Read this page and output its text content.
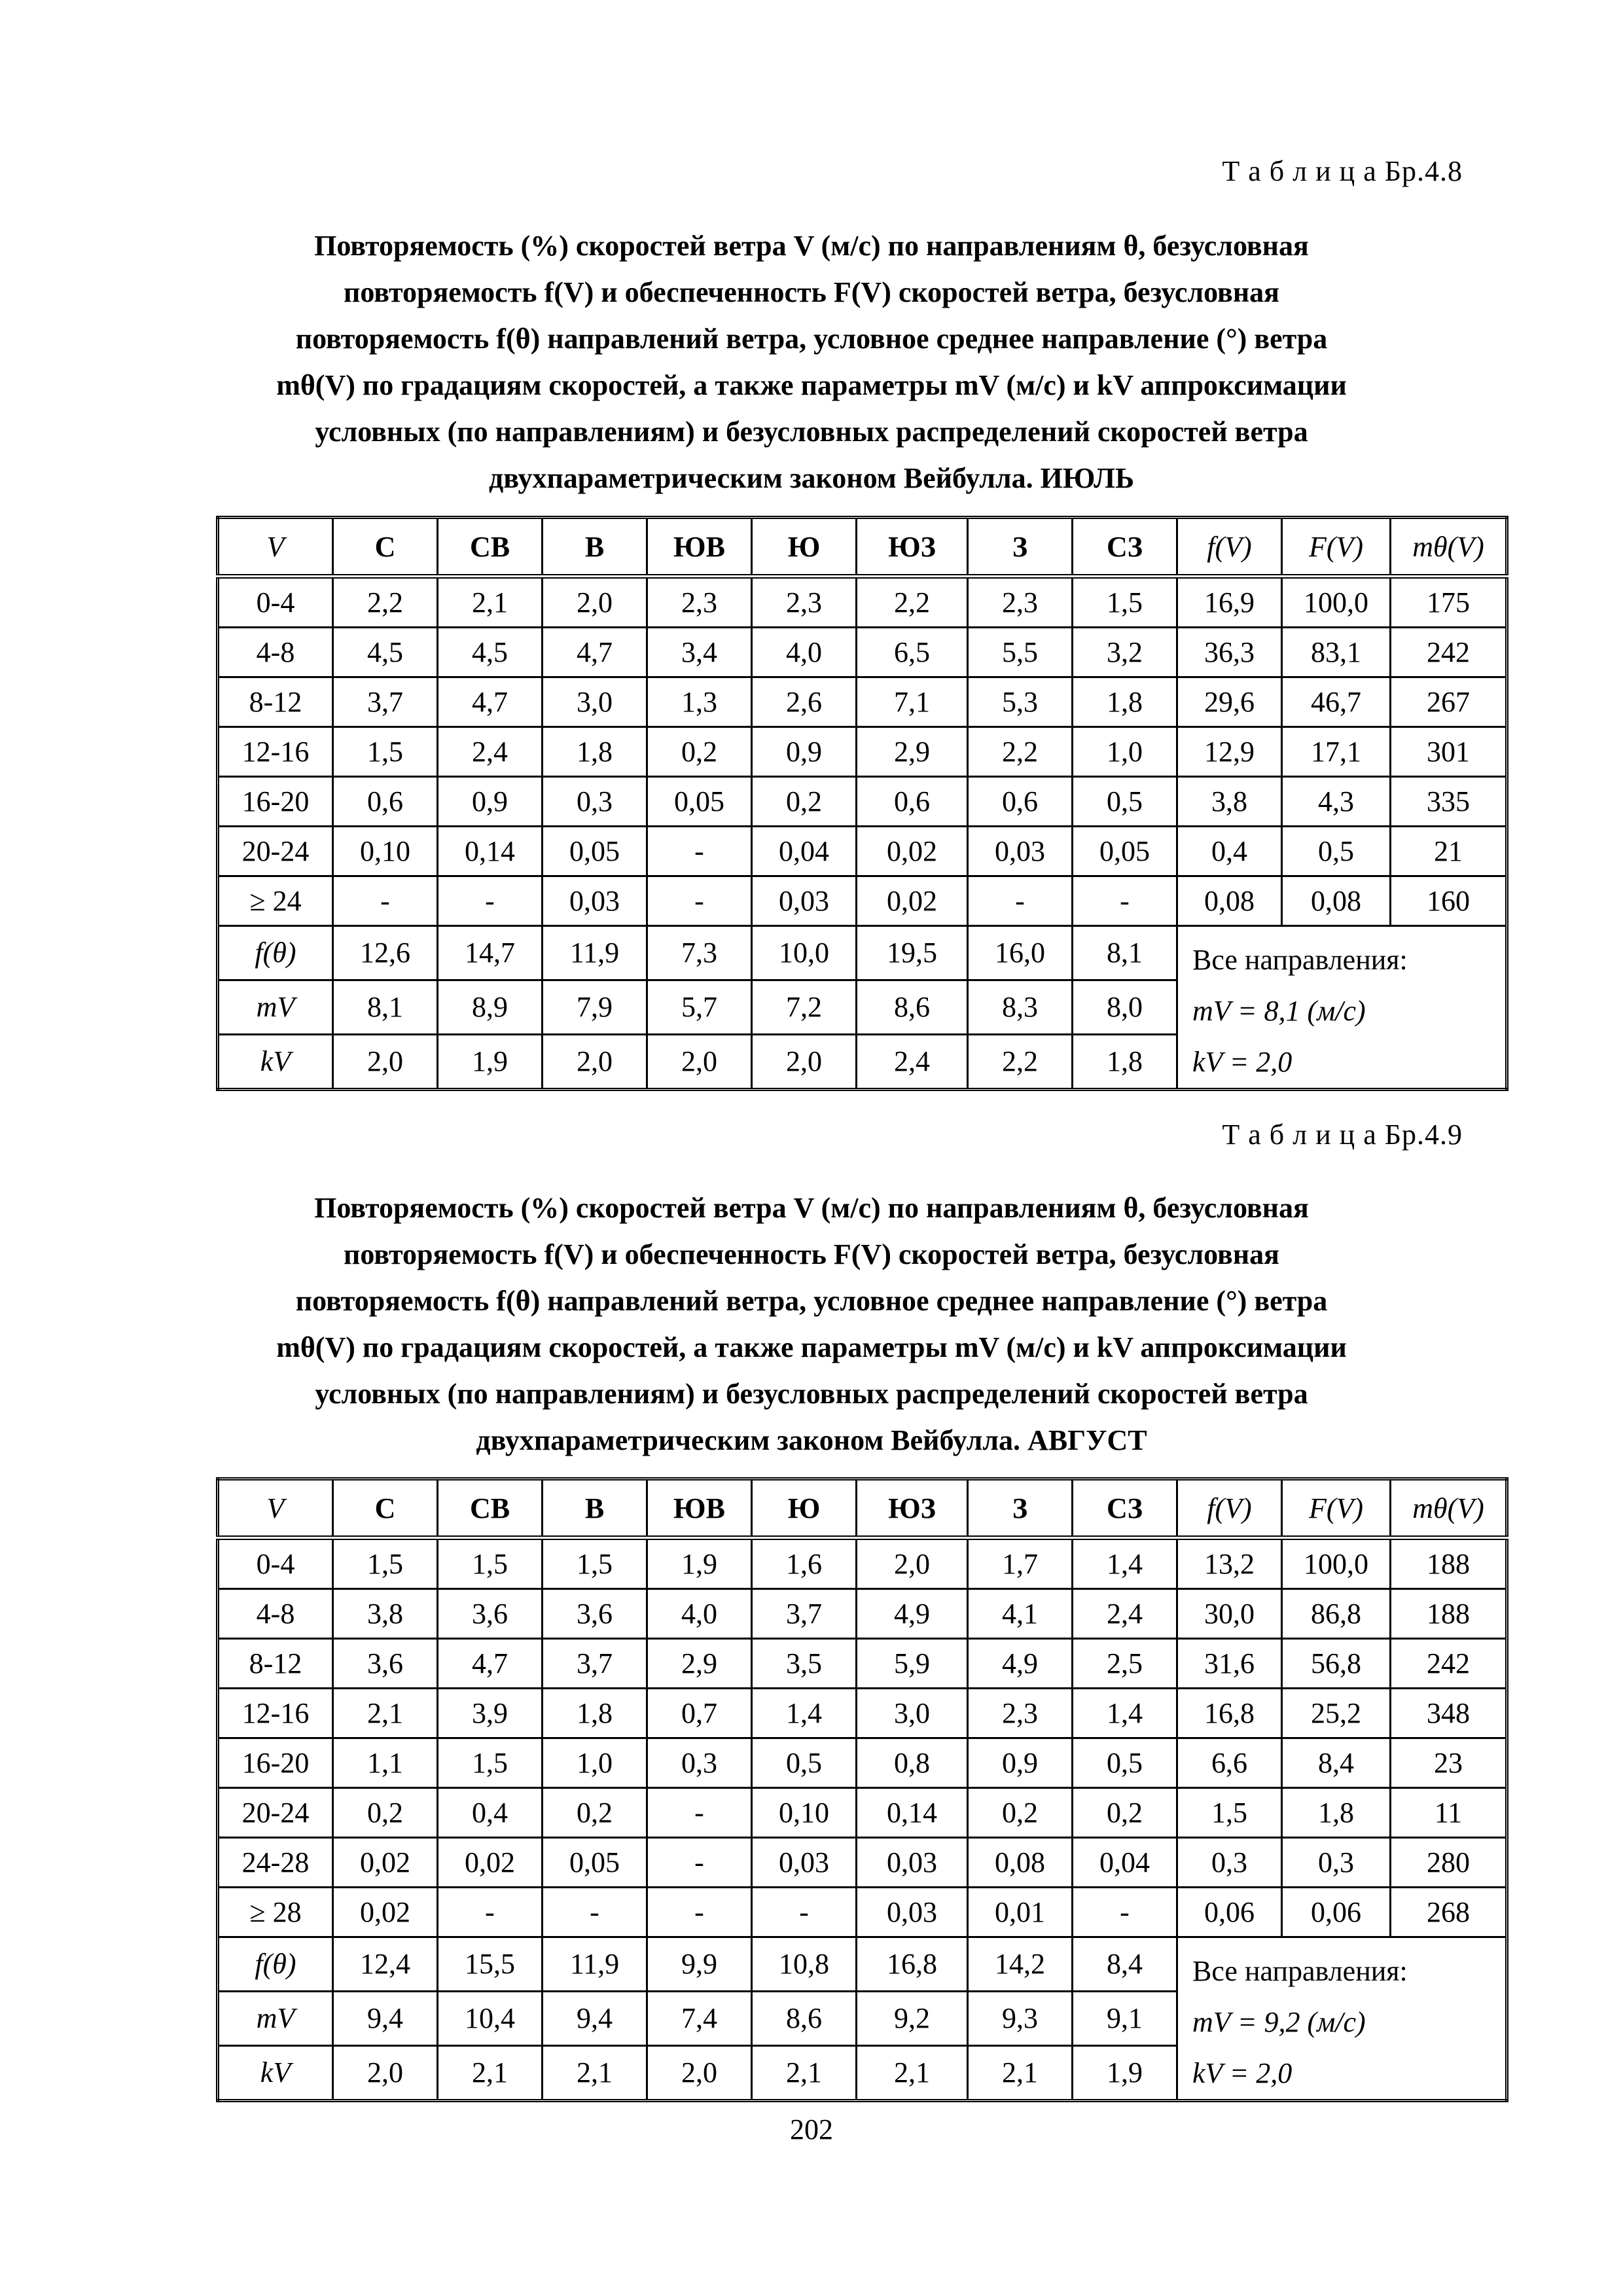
Т а б л и ц а Бр.4.8
Повторяемость (%) скоростей ветра V (м/с) по направлениям θ, безусловная
повторяемость f(V) и обеспеченность F(V) скоростей ветра, безусловная
повторяемость f(θ) направлений ветра, условное среднее направление (°) ветра
mθ(V) по градациям скоростей, а также параметры mV (м/с) и kV аппроксимации
условных (по направлениям) и безусловных распределений скоростей ветра
двухпараметрическим законом Вейбулла. ИЮЛЬ
V	С	СВ	В	ЮВ	Ю	ЮЗ	З	СЗ	f(V)	F(V)	mθ(V)
0-4	2,2	2,1	2,0	2,3	2,3	2,2	2,3	1,5	16,9	100,0	175
4-8	4,5	4,5	4,7	3,4	4,0	6,5	5,5	3,2	36,3	83,1	242
8-12	3,7	4,7	3,0	1,3	2,6	7,1	5,3	1,8	29,6	46,7	267
12-16	1,5	2,4	1,8	0,2	0,9	2,9	2,2	1,0	12,9	17,1	301
16-20	0,6	0,9	0,3	0,05	0,2	0,6	0,6	0,5	3,8	4,3	335
20-24	0,10	0,14	0,05	-	0,04	0,02	0,03	0,05	0,4	0,5	21
≥ 24	-	-	0,03	-	0,03	0,02	-	-	0,08	0,08	160
f(θ)	12,6	14,7	11,9	7,3	10,0	19,5	16,0	8,1	Все направления:
mV = 8,1 (м/с)
kV = 2,0		

mV	8,1	8,9	7,9	5,7	7,2	8,6	8,3	8,0			
kV	2,0	1,9	2,0	2,0	2,0	2,4	2,2	1,8			
Т а б л и ц а Бр.4.9
Повторяемость (%) скоростей ветра V (м/с) по направлениям θ, безусловная
повторяемость f(V) и обеспеченность F(V) скоростей ветра, безусловная
повторяемость f(θ) направлений ветра, условное среднее направление (°) ветра
mθ(V) по градациям скоростей, а также параметры mV (м/с) и kV аппроксимации
условных (по направлениям) и безусловных распределений скоростей ветра
двухпараметрическим законом Вейбулла. АВГУСТ
V	С	СВ	В	ЮВ	Ю	ЮЗ	З	СЗ	f(V)	F(V)	mθ(V)
0-4	1,5	1,5	1,5	1,9	1,6	2,0	1,7	1,4	13,2	100,0	188
4-8	3,8	3,6	3,6	4,0	3,7	4,9	4,1	2,4	30,0	86,8	188
8-12	3,6	4,7	3,7	2,9	3,5	5,9	4,9	2,5	31,6	56,8	242
12-16	2,1	3,9	1,8	0,7	1,4	3,0	2,3	1,4	16,8	25,2	348
16-20	1,1	1,5	1,0	0,3	0,5	0,8	0,9	0,5	6,6	8,4	23
20-24	0,2	0,4	0,2	-	0,10	0,14	0,2	0,2	1,5	1,8	11
24-28	0,02	0,02	0,05	-	0,03	0,03	0,08	0,04	0,3	0,3	280
≥ 28	0,02	-	-	-	-	0,03	0,01	-	0,06	0,06	268
f(θ)	12,4	15,5	11,9	9,9	10,8	16,8	14,2	8,4	Все направления:
mV = 9,2 (м/с)
kV = 2,0		

mV	9,4	10,4	9,4	7,4	8,6	9,2	9,3	9,1			
kV	2,0	2,1	2,1	2,0	2,1	2,1	2,1	1,9			
202
